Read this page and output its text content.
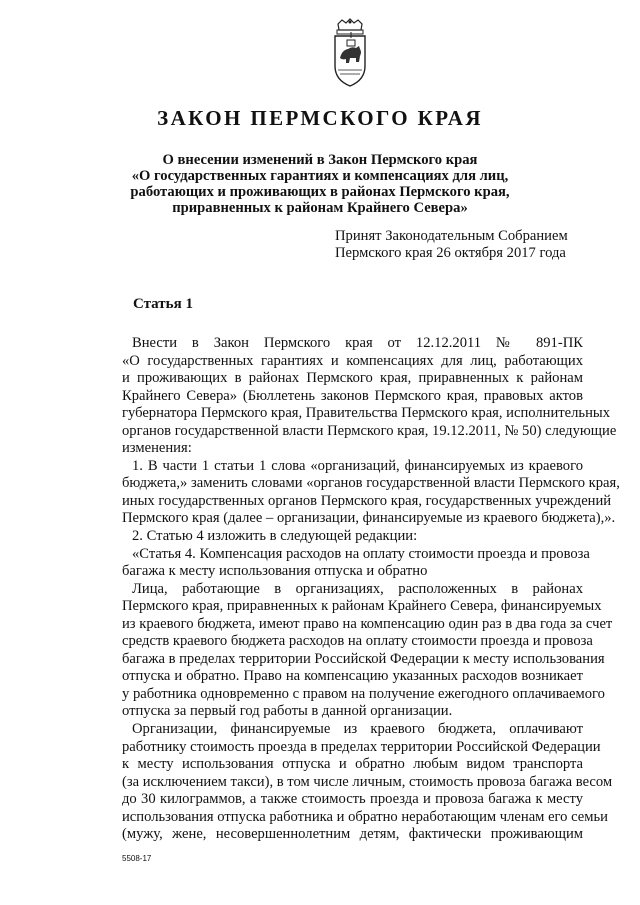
ЗАКОН ПЕРМСКОГО КРАЯ
О внесении изменений в Закон Пермского края
«О государственных гарантиях и компенсациях для лиц,
работающих и проживающих в районах Пермского края,
приравненных к районам Крайнего Севера»
Принят Законодательным Собранием
Пермского края 26 октября 2017 года
Статья 1
Внести в Закон Пермского края от 12.12.2011 № 891-ПК
«О государственных гарантиях и компенсациях для лиц, работающих
и проживающих в районах Пермского края, приравненных к районам
Крайнего Севера» (Бюллетень законов Пермского края, правовых актов
губернатора Пермского края, Правительства Пермского края, исполнительных
органов государственной власти Пермского края, 19.12.2011, № 50) следующие
изменения:
1. В части 1 статьи 1 слова «организаций, финансируемых из краевого
бюджета,» заменить словами «органов государственной власти Пермского края,
иных государственных органов Пермского края, государственных учреждений
Пермского края (далее – организации, финансируемые из краевого бюджета),».
2. Статью 4 изложить в следующей редакции:
«Статья 4. Компенсация расходов на оплату стоимости проезда и провоза
багажа к месту использования отпуска и обратно
Лица, работающие в организациях, расположенных в районах
Пермского края, приравненных к районам Крайнего Севера, финансируемых
из краевого бюджета, имеют право на компенсацию один раз в два года за счет
средств краевого бюджета расходов на оплату стоимости проезда и провоза
багажа в пределах территории Российской Федерации к месту использования
отпуска и обратно. Право на компенсацию указанных расходов возникает
у работника одновременно с правом на получение ежегодного оплачиваемого
отпуска за первый год работы в данной организации.
Организации, финансируемые из краевого бюджета, оплачивают
работнику стоимость проезда в пределах территории Российской Федерации
к месту использования отпуска и обратно любым видом транспорта
(за исключением такси), в том числе личным, стоимость провоза багажа весом
до 30 килограммов, а также стоимость проезда и провоза багажа к месту
использования отпуска работника и обратно неработающим членам его семьи
(мужу, жене, несовершеннолетним детям, фактически проживающим
5508-17
